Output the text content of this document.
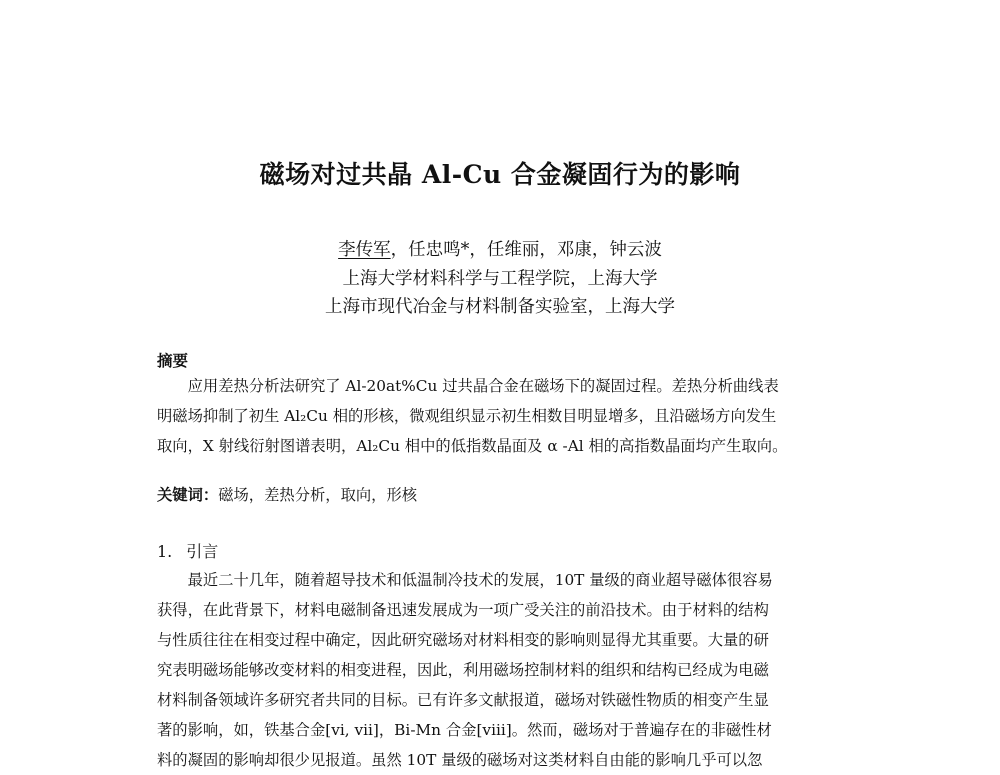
磁场对过共晶 Al-Cu 合金凝固行为的影响
李传军，任忠鸣*，任维丽，邓康，钟云波
上海大学材料科学与工程学院，上海大学
上海市现代冶金与材料制备实验室，上海大学
摘要
　　应用差热分析法研究了 Al-20at%Cu 过共晶合金在磁场下的凝固过程。差热分析曲线表
明磁场抑制了初生 Al₂Cu 相的形核，微观组织显示初生相数目明显增多，且沿磁场方向发生
取向，X 射线衍射图谱表明，Al₂Cu 相中的低指数晶面及 α -Al 相的高指数晶面均产生取向。
关键词：磁场，差热分析，取向，形核
1. 引言
　　最近二十几年，随着超导技术和低温制冷技术的发展，10T 量级的商业超导磁体很容易
获得，在此背景下，材料电磁制备迅速发展成为一项广受关注的前沿技术。由于材料的结构
与性质往往在相变过程中确定，因此研究磁场对材料相变的影响则显得尤其重要。大量的研
究表明磁场能够改变材料的相变进程，因此，利用磁场控制材料的组织和结构已经成为电磁
材料制备领域许多研究者共同的目标。已有许多文献报道，磁场对铁磁性物质的相变产生显
著的影响，如，铁基合金[vi, vii]，Bi-Mn 合金[viii]。然而，磁场对于普遍存在的非磁性材
料的凝固的影响却很少见报道。虽然 10T 量级的磁场对这类材料自由能的影响几乎可以忽
